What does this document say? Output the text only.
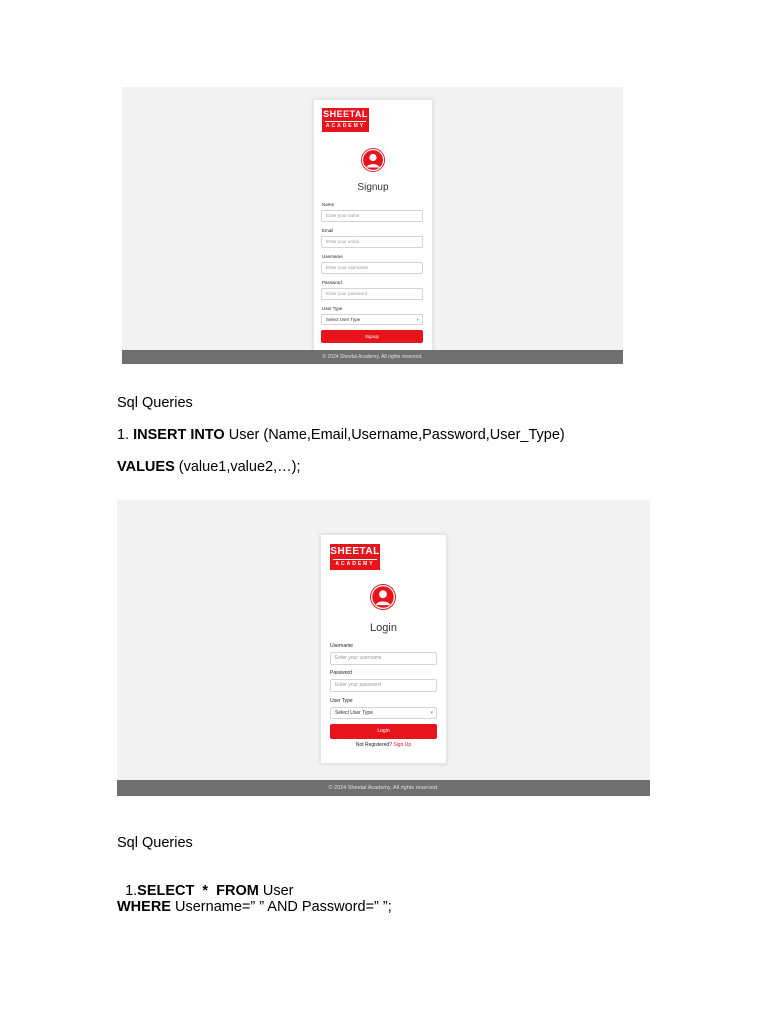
SHEETAL
ACADEMY
Signup
Name
Enter your name
Email
Enter your email
Username
Enter your username
Password
Enter your password
User Type
Select User Type	▾
Signup
© 2024 Sheetal Academy. All rights reserved.
Sql Queries
1. INSERT INTO User (Name,Email,Username,Password,User_Type)
VALUES (value1,value2,…);
SHEETAL
ACADEMY
Login
Username
Enter your username
Password
Enter your password
User Type
Select User Type	▾
Login
Not Registered? Sign Up
© 2024 Sheetal Academy. All rights reserved.
Sql Queries

1.SELECT  *  FROM User

WHERE Username=” ” AND Password=” ”;
